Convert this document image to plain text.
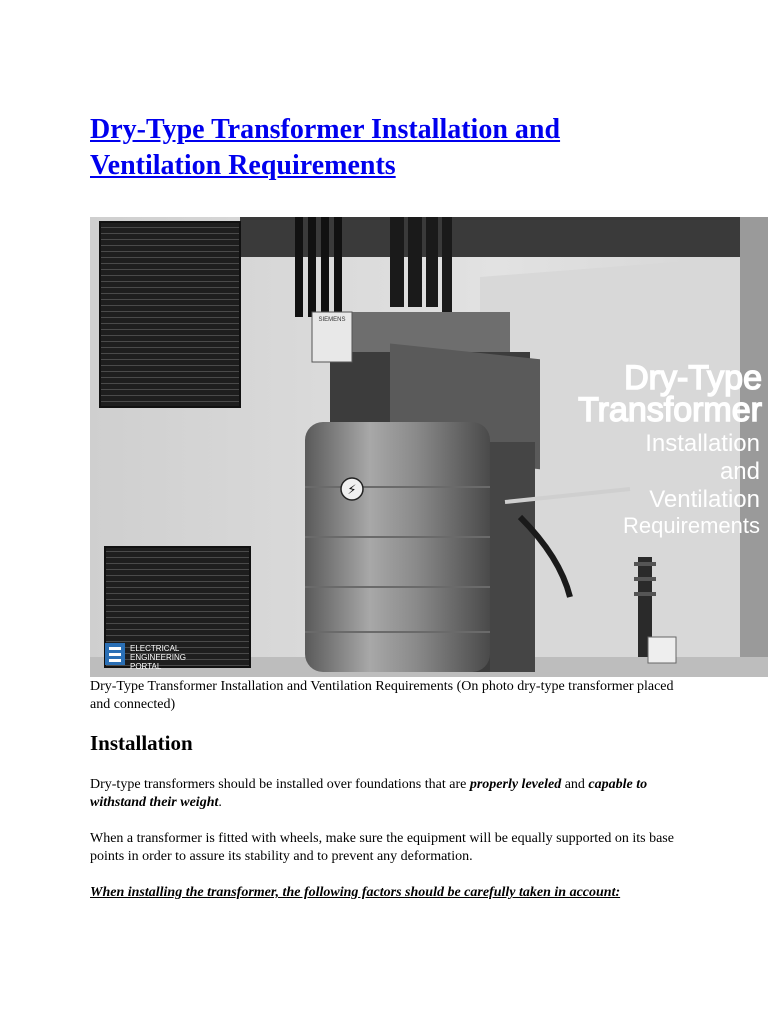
Dry-Type Transformer Installation and Ventilation Requirements
SIEMENS
⚡
Dry-Type
Transformer
Installation
and
Ventilation
Requirements
ELECTRICAL
ENGINEERING
PORTAL
Dry-Type Transformer Installation and Ventilation Requirements (On photo dry-type transformer placed and connected)
Installation
Dry-type transformers should be installed over foundations that are properly leveled and capable to withstand their weight.
When a transformer is fitted with wheels, make sure the equipment will be equally supported on its base points in order to assure its stability and to prevent any deformation.
When installing the transformer, the following factors should be carefully taken in account:
